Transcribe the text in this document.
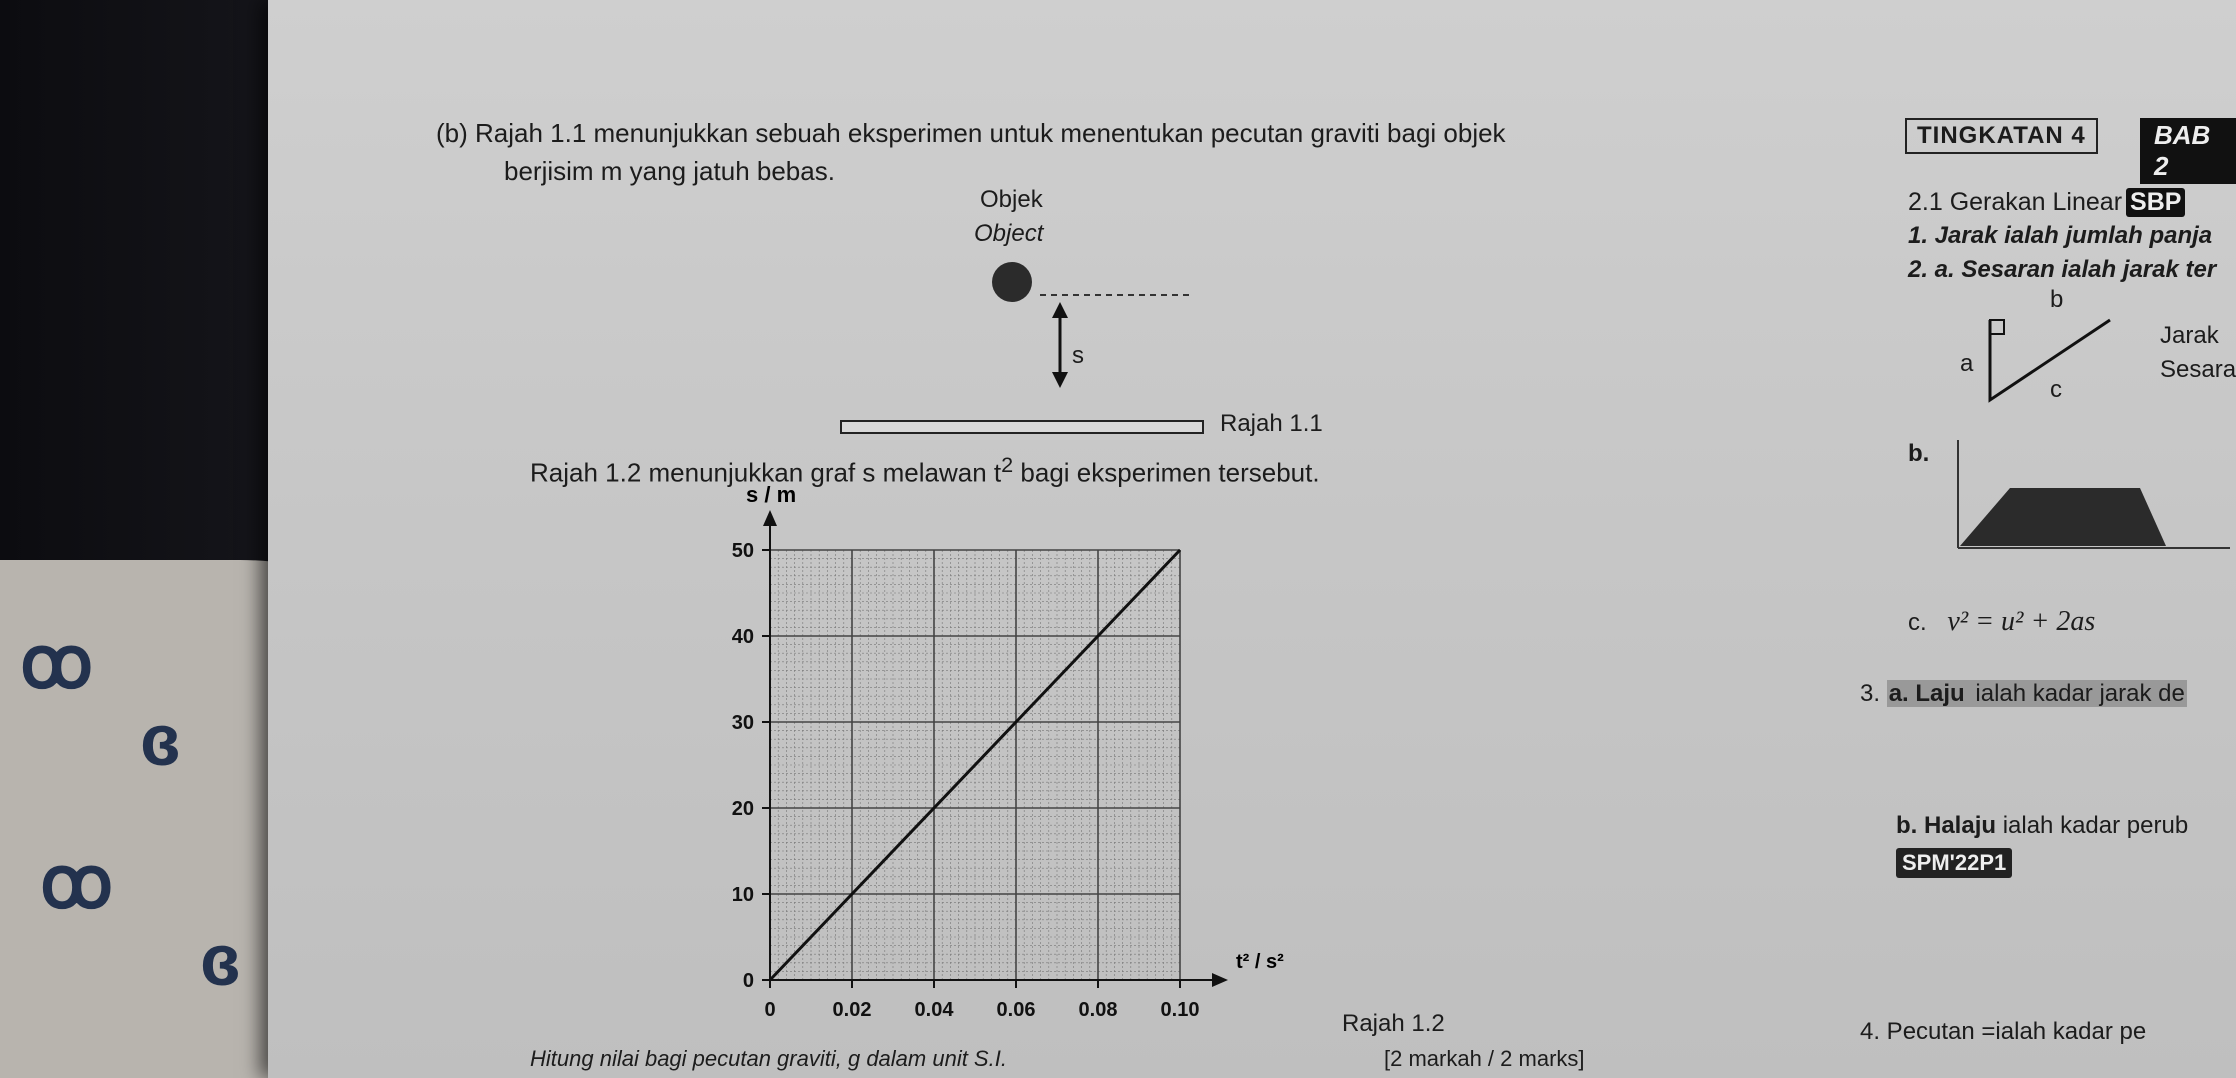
ꝏ
ɞ
ꝏ
ɞ
TINGKATAN 4	BAB 2
(b) Rajah 1.1 menunjukkan sebuah eksperimen untuk menentukan pecutan graviti bagi objek
berjisim m yang jatuh bebas.
Objek
Object
s
Rajah 1.1
Rajah 1.2 menunjukkan graf s melawan $t^2$ bagi eksperimen tersebut.
0
10
20
30
40
50
0	0.02 0.04 0.06 0.08 0.10
s / m
t² / s²
Rajah 1.2
Hitung nilai bagi pecutan graviti, g dalam unit S.I.	[2 markah / 2 marks]
2.1 Gerakan Linear SBP
1. Jarak ialah jumlah panja
2. a. Sesaran ialah jarak ter
b
a
c
Jarak
Sesara
b.
c. v² = u² + 2as
3. a. Laju ialah kadar jarak de
b. Halaju ialah kadar perub
SPM'22P1
4. Pecutan =ialah kadar pe
